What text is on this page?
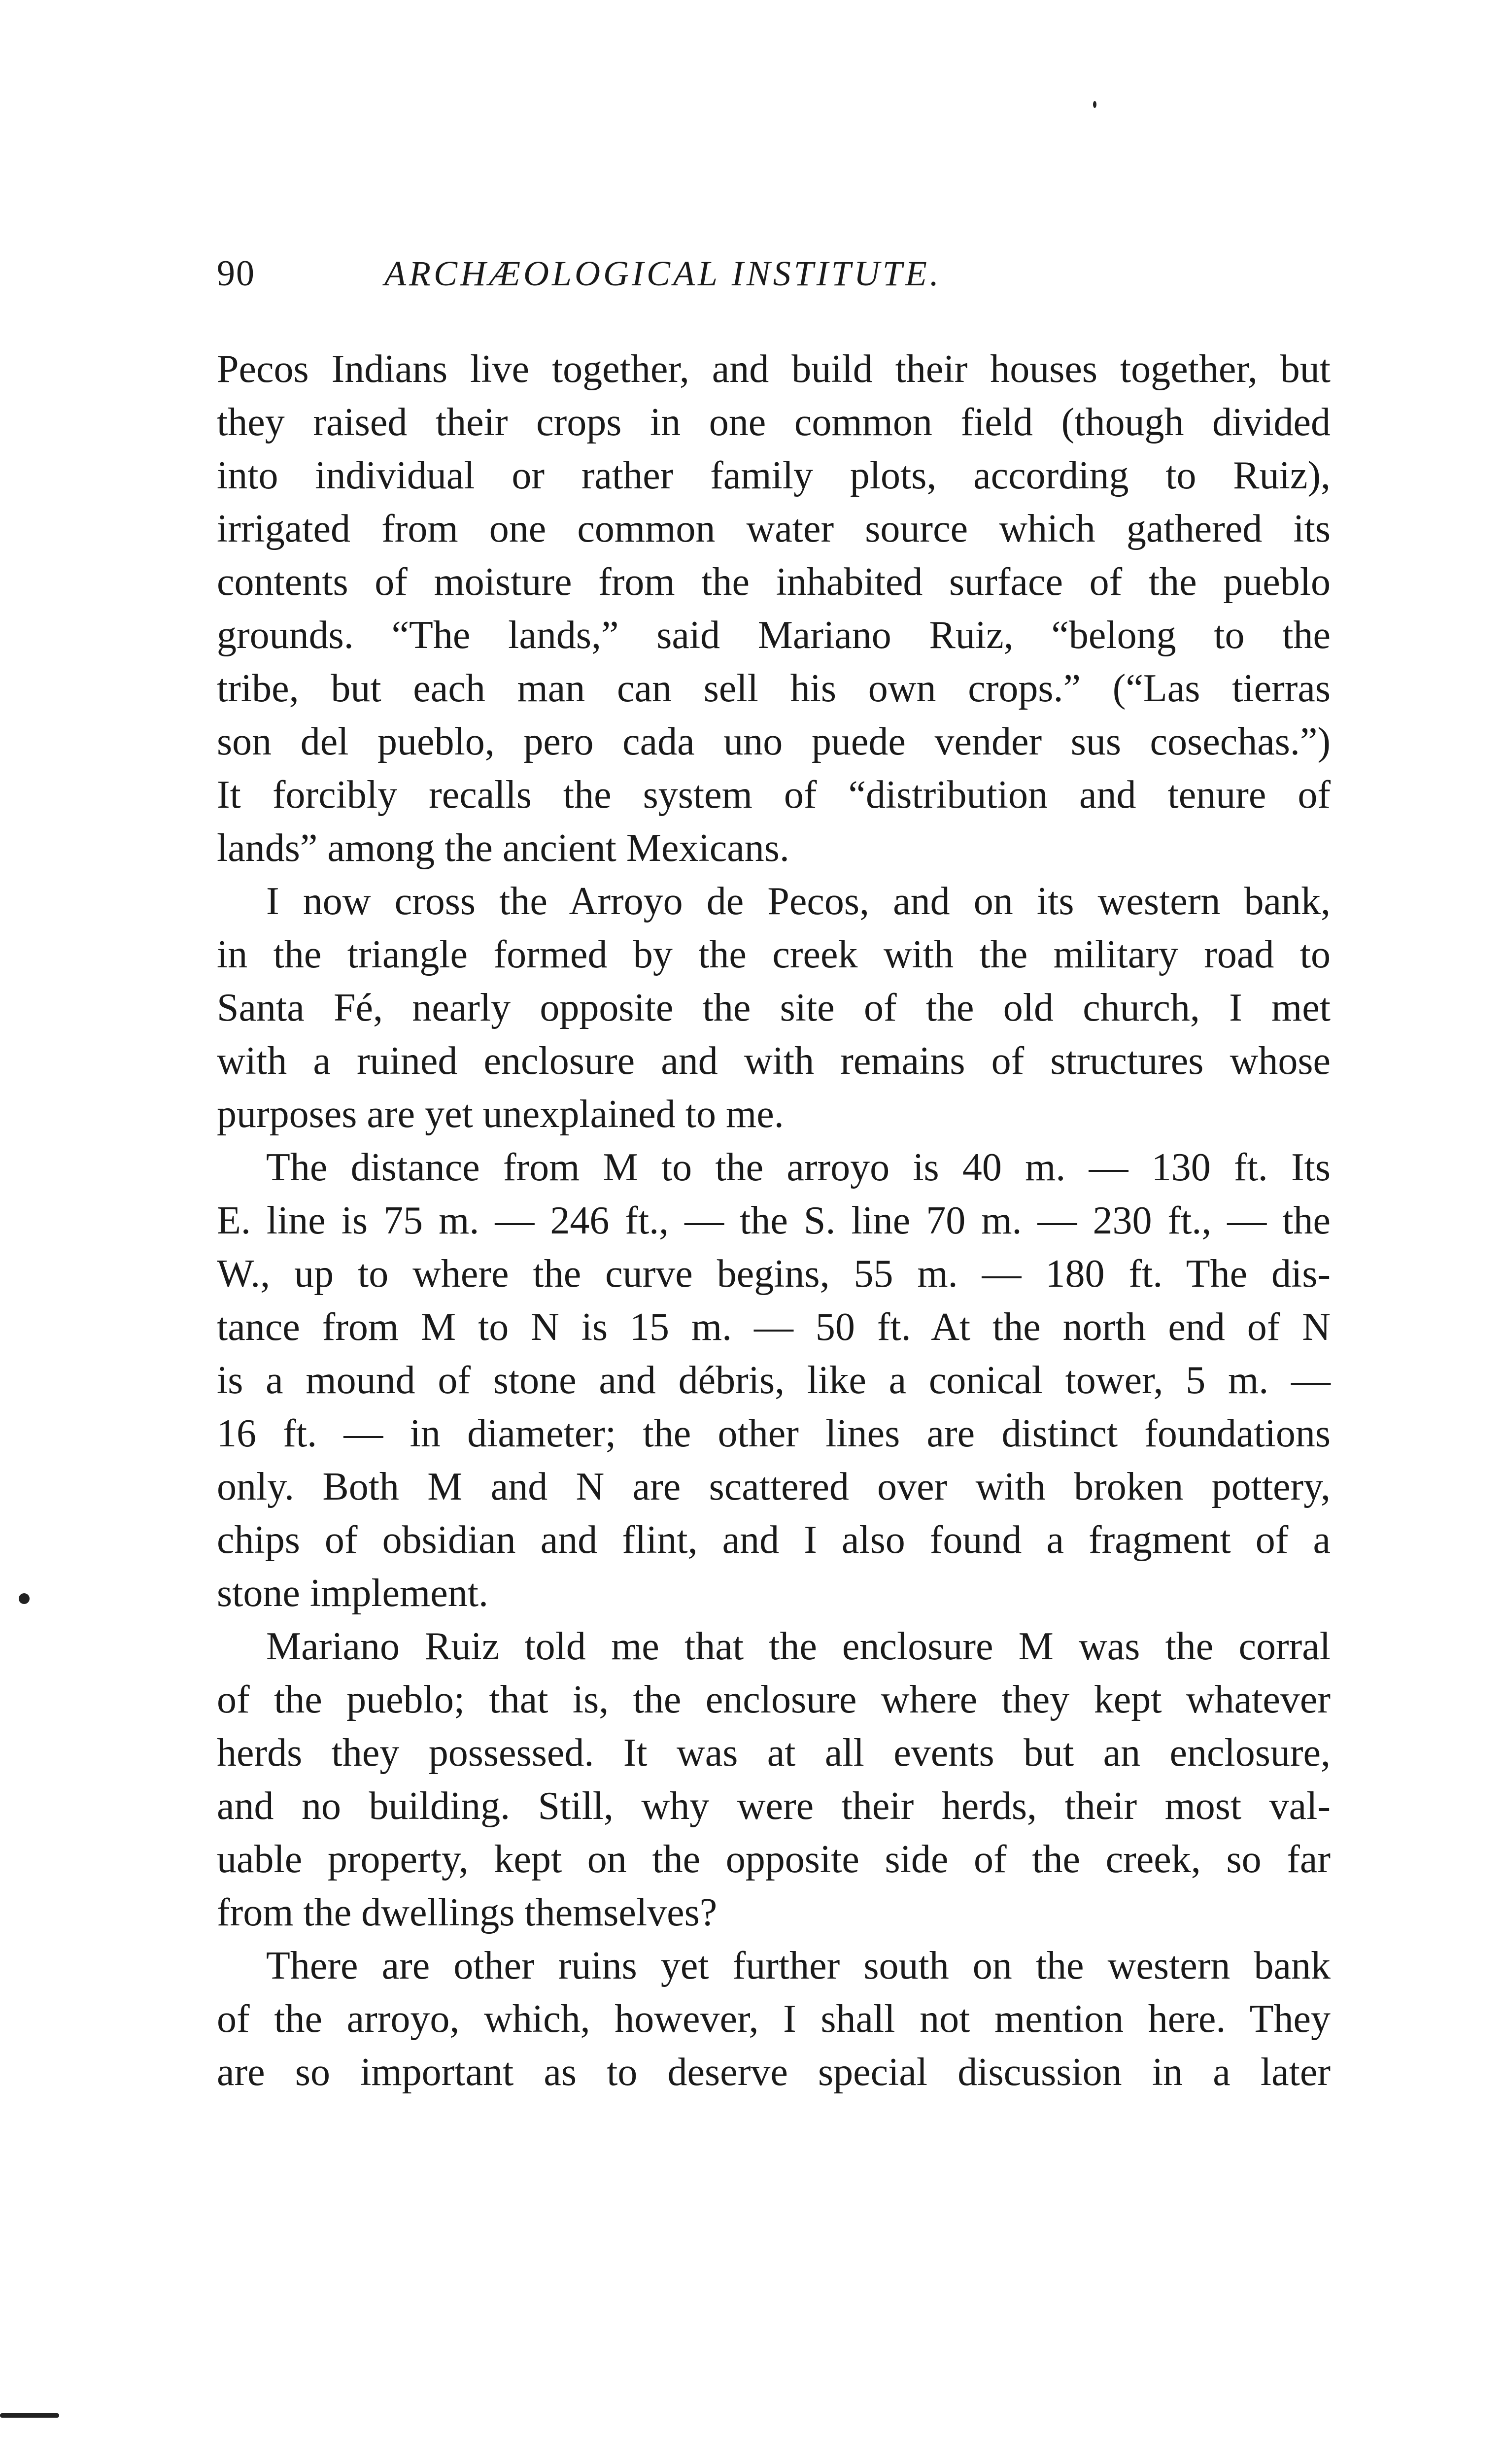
90	ARCHÆOLOGICAL INSTITUTE.
Pecos Indians live together, and build their houses together, but
they raised their crops in one common field (though divided
into individual or rather family plots, according to Ruiz),
irrigated from one common water source which gathered its
contents of moisture from the inhabited surface of the pueblo
grounds. “The lands,” said Mariano Ruiz, “belong to the
tribe, but each man can sell his own crops.” (“Las tierras
son del pueblo, pero cada uno puede vender sus cosechas.”)
It forcibly recalls the system of “distribution and tenure of
lands” among the ancient Mexicans.
I now cross the Arroyo de Pecos, and on its western bank,
in the triangle formed by the creek with the military road to
Santa Fé, nearly opposite the site of the old church, I met
with a ruined enclosure and with remains of structures whose
purposes are yet unexplained to me.
The distance from M to the arroyo is 40 m. — 130 ft. Its
E. line is 75 m. — 246 ft., — the S. line 70 m. — 230 ft., — the
W., up to where the curve begins, 55 m. — 180 ft. The dis-
tance from M to N is 15 m. — 50 ft. At the north end of N
is a mound of stone and débris, like a conical tower, 5 m. —
16 ft. — in diameter; the other lines are distinct foundations
only. Both M and N are scattered over with broken pottery,
chips of obsidian and flint, and I also found a fragment of a
stone implement.
Mariano Ruiz told me that the enclosure M was the corral
of the pueblo; that is, the enclosure where they kept whatever
herds they possessed. It was at all events but an enclosure,
and no building. Still, why were their herds, their most val-
uable property, kept on the opposite side of the creek, so far
from the dwellings themselves?
There are other ruins yet further south on the western bank
of the arroyo, which, however, I shall not mention here. They
are so important as to deserve special discussion in a later
